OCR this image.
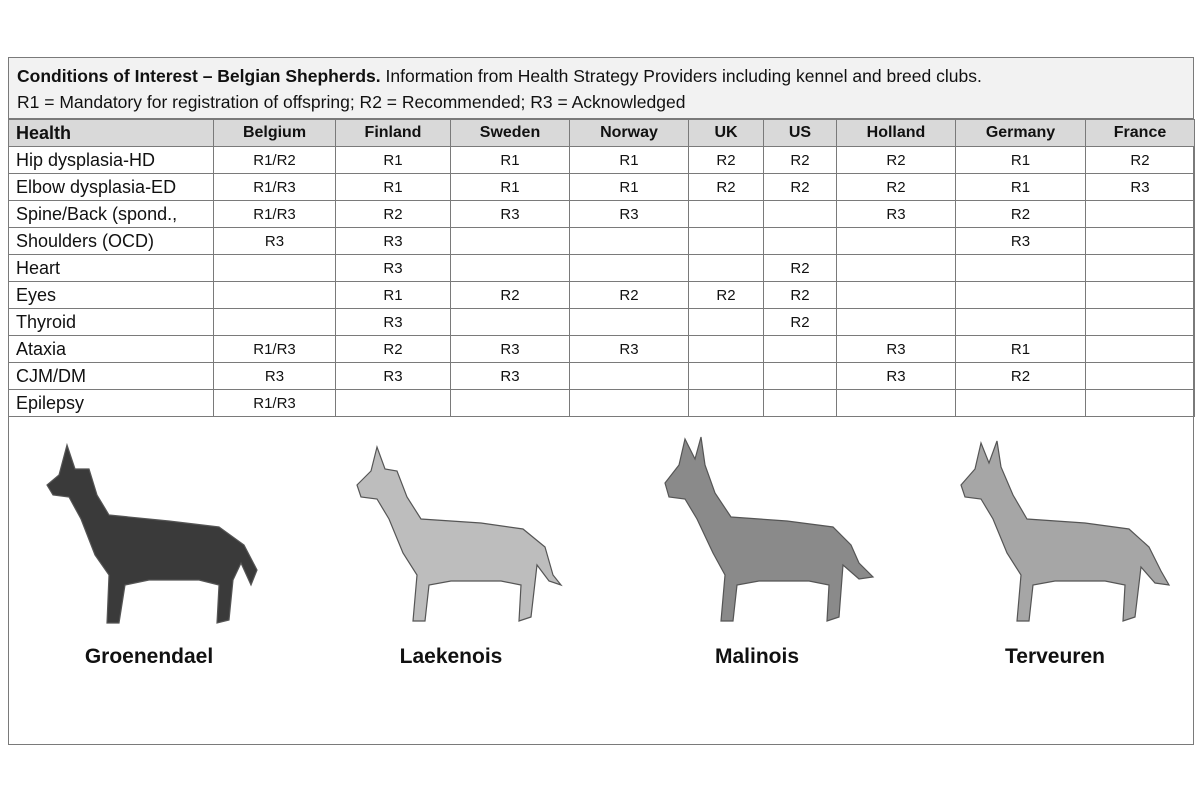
Conditions of Interest – Belgian Shepherds. Information from Health Strategy Providers including kennel and breed clubs.
R1 = Mandatory for registration of offspring; R2 = Recommended; R3 = Acknowledged
Health	Belgium	Finland	Sweden	Norway	UK	US	Holland	Germany	France
Hip dysplasia-HD	R1/R2	R1	R1	R1	R2	R2	R2	R1	R2
Elbow dysplasia-ED	R1/R3	R1	R1	R1	R2	R2	R2	R1	R3
Spine/Back (spond.,	R1/R3	R2	R3	R3			R3	R2	
Shoulders (OCD)	R3	R3						R3	
Heart		R3				R2			
Eyes		R1	R2	R2	R2	R2			
Thyroid		R3				R2			
Ataxia	R1/R3	R2	R3	R3			R3	R1	
CJM/DM	R3	R3	R3				R3	R2	
Epilepsy	R1/R3								
Groenendael	Laekenois	Malinois	Terveuren
